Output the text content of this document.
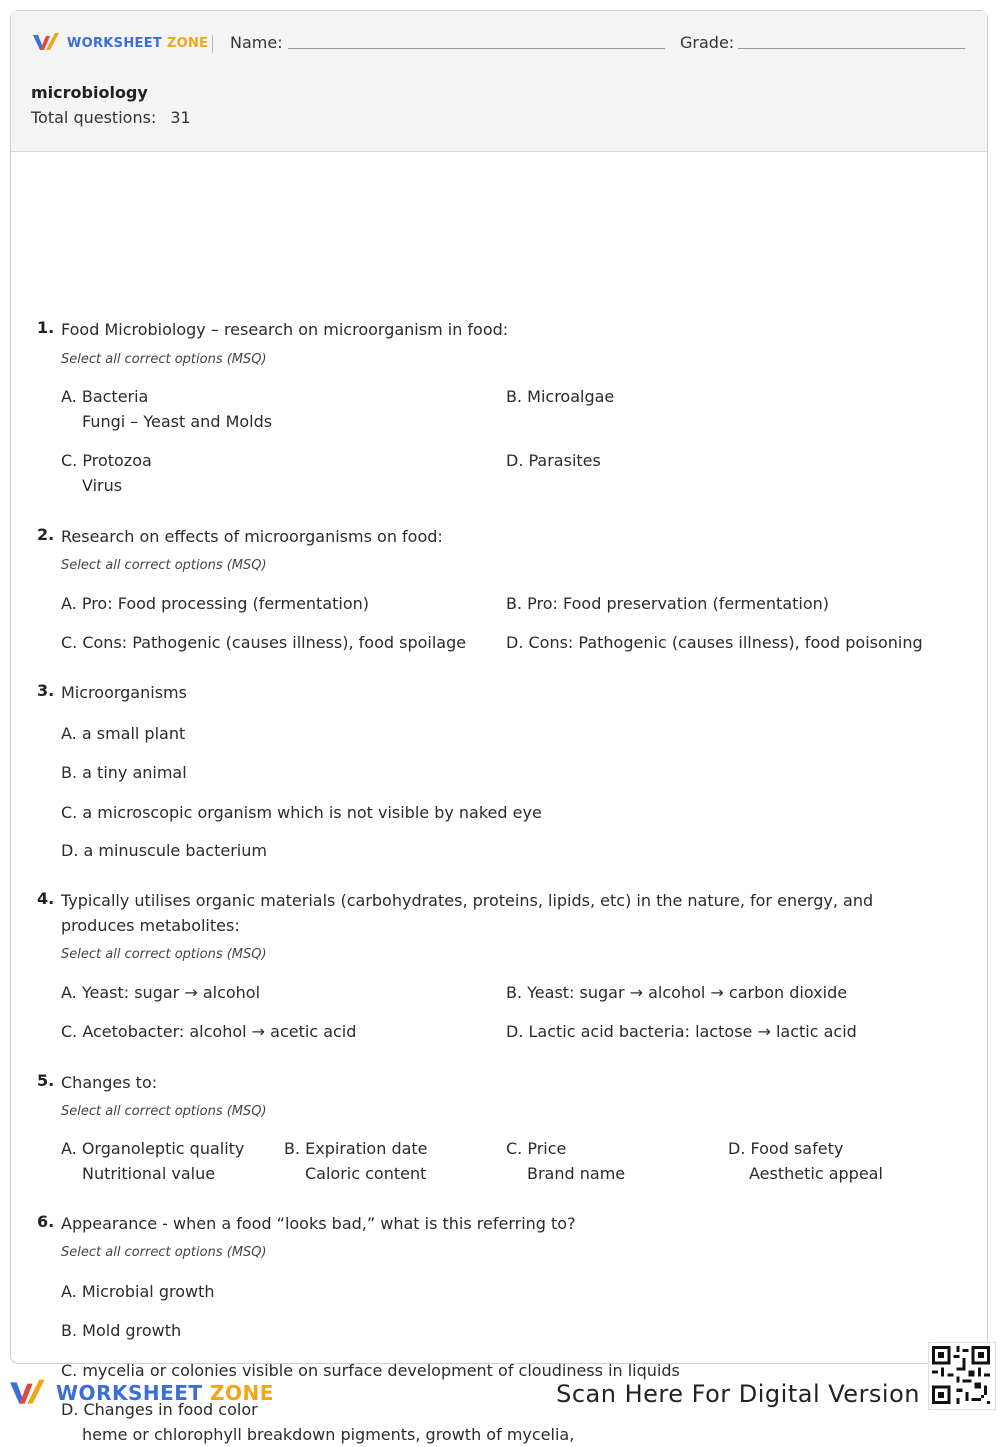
WORKSHEET ZONE Name:	Grade:
microbiology
Total questions: 31
1. Food Microbiology – research on microorganism in food:
Select all correct options (MSQ)
A. Bacteria
Fungi – Yeast and Molds
B. Microalgae
C. Protozoa
Virus
D. Parasites
2. Research on effects of microorganisms on food:
Select all correct options (MSQ)
A. Pro: Food processing (fermentation)	B. Pro: Food preservation (fermentation)
C. Cons: Pathogenic (causes illness), food spoilage D. Cons: Pathogenic (causes illness), food poisoning
3. Microorganisms
A. a small plant
B. a tiny animal
C. a microscopic organism which is not visible by naked eye
D. a minuscule bacterium
4. Typically utilises organic materials (carbohydrates, proteins, lipids, etc) in the nature, for energy, and produces metabolites:
Select all correct options (MSQ)
A. Yeast: sugar → alcohol	B. Yeast: sugar → alcohol → carbon dioxide
C. Acetobacter: alcohol → acetic acid	D. Lactic acid bacteria: lactose → lactic acid
5. Changes to:
Select all correct options (MSQ)
A. Organoleptic quality
Nutritional value
B. Expiration date
Caloric content
C. Price
Brand name
D. Food safety
Aesthetic appeal
6. Appearance - when a food “looks bad,” what is this referring to?
Select all correct options (MSQ)
A. Microbial growth
B. Mold growth
C. mycelia or colonies visible on surface development of cloudiness in liquids
D. Changes in food color
heme or chlorophyll breakdown pigments, growth of mycelia,
WORKSHEET ZONE	Scan Here For Digital Version
